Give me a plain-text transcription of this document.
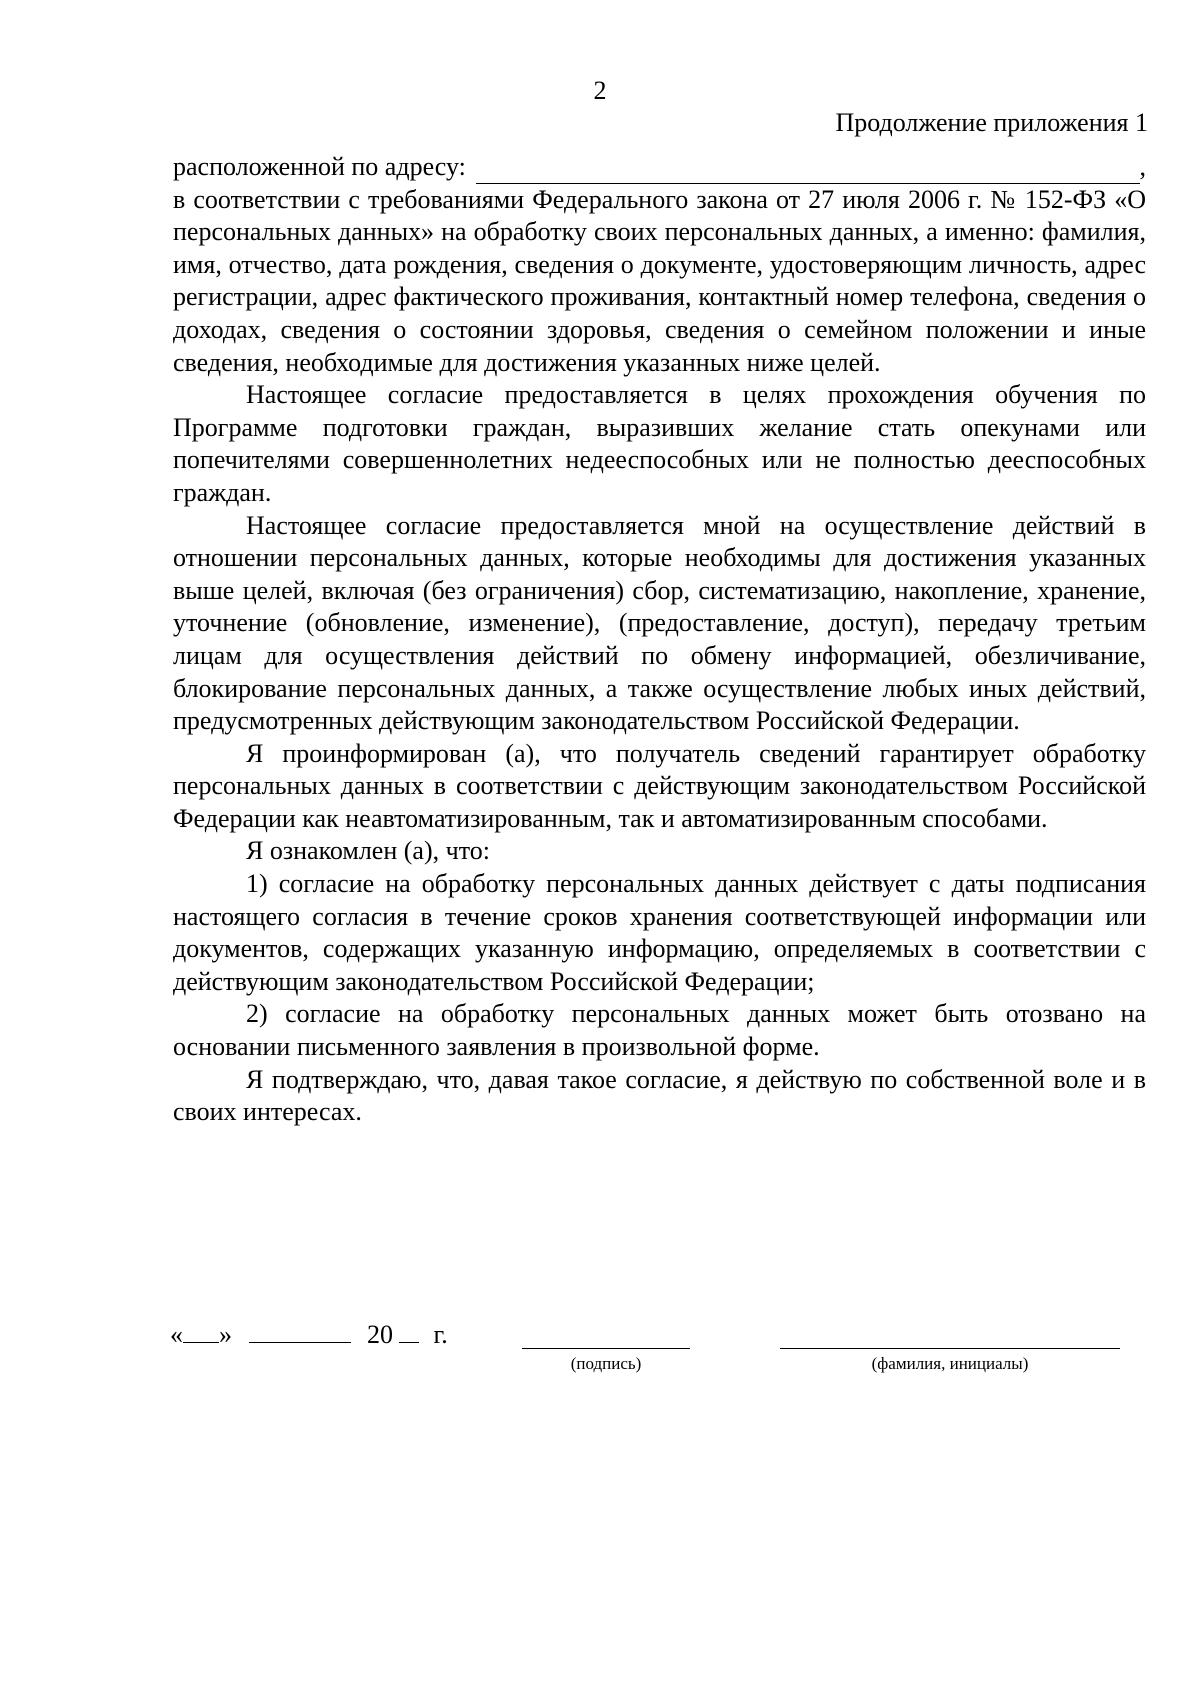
2
Продолжение приложения 1
расположенной по адресу:	,

в соответствии с требованиями Федерального закона от 27 июля 2006 г. № 152-ФЗ «О персональных данных» на обработку своих персональных данных, а именно: фамилия, имя, отчество, дата рождения, сведения о документе, удостоверяющим личность, адрес регистрации, адрес фактического проживания, контактный номер телефона, сведения о доходах, сведения о состоянии здоровья, сведения о семейном положении и иные сведения, необходимые для достижения указанных ниже целей.

Настоящее согласие предоставляется в целях прохождения обучения по Программе подготовки граждан, выразивших желание стать опекунами или попечителями совершеннолетних недееспособных или не полностью дееспособных граждан.

Настоящее согласие предоставляется мной на осуществление действий в отношении персональных данных, которые необходимы для достижения указанных выше целей, включая (без ограничения) сбор, систематизацию, накопление, хранение, уточнение (обновление, изменение), (предоставление, доступ), передачу третьим лицам для осуществления действий по обмену информацией, обезличивание, блокирование персональных данных, а также осуществление любых иных действий, предусмотренных действующим законодательством Российской Федерации.

Я проинформирован (а), что получатель сведений гарантирует обработку персональных данных в соответствии с действующим законодательством Российской Федерации как неавтоматизированным, так и автоматизированным способами.

Я ознакомлен (а), что:

1) согласие на обработку персональных данных действует с даты подписания настоящего согласия в течение сроков хранения соответствующей информации или документов, содержащих указанную информацию, определяемых в соответствии с действующим законодательством Российской Федерации;

2) согласие на обработку персональных данных может быть отозвано на основании письменного заявления в произвольной форме.

Я подтверждаю, что, давая такое согласие, я действую по собственной воле и в своих интересах.

« »	20 г.
(подпись)	(фамилия, инициалы)
